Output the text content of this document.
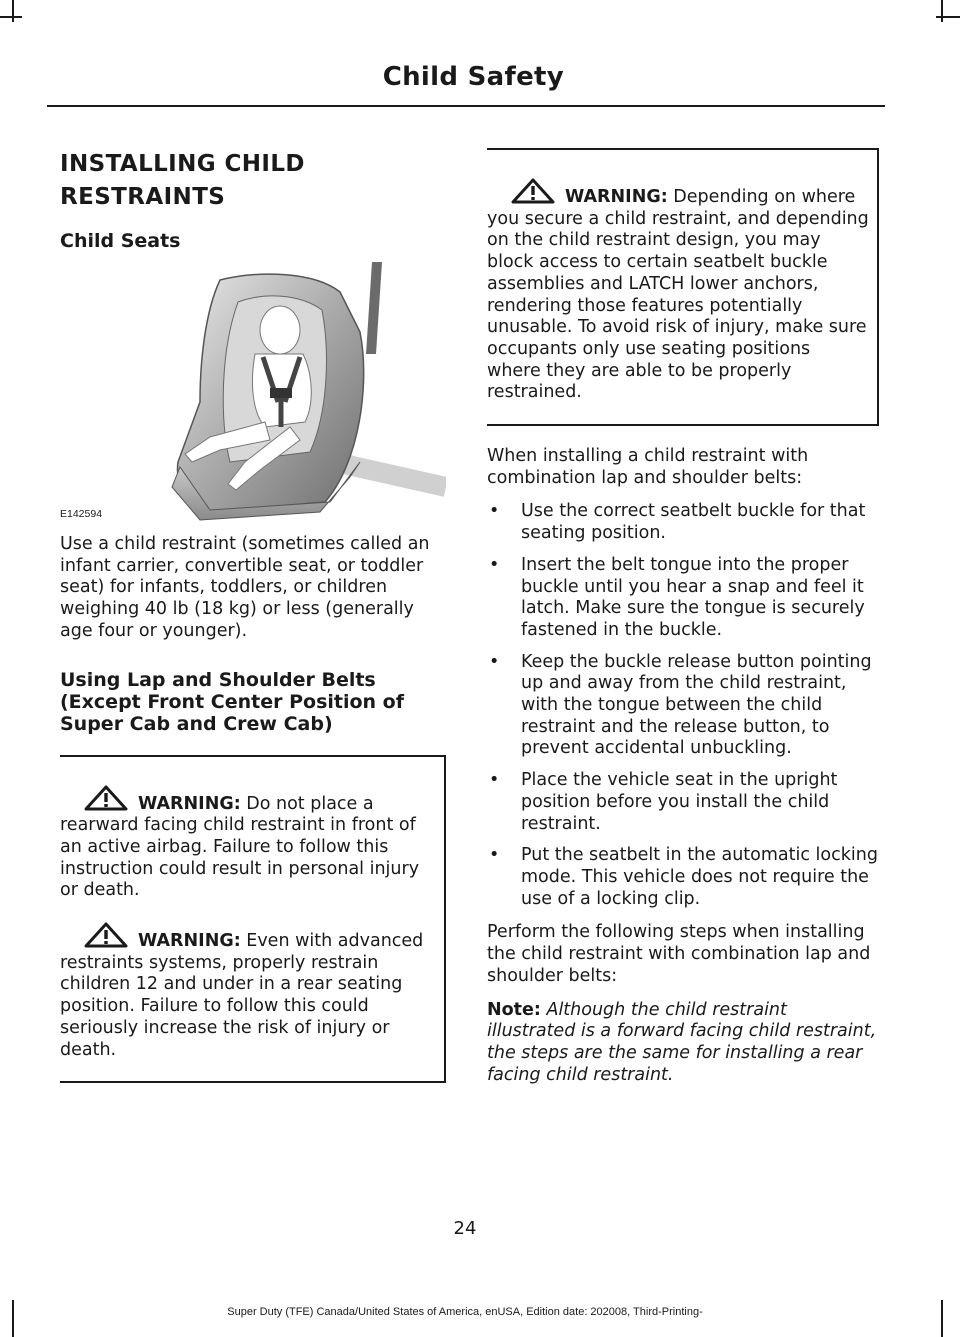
Child Safety
INSTALLING CHILD
RESTRAINTS
Child Seats
E142594

Use a child restraint (sometimes called an infant carrier, convertible seat, or toddler seat) for infants, toddlers, or children weighing 40 lb (18 kg) or less (generally age four or younger).

Using Lap and Shoulder Belts (Except Front Center Position of Super Cab and Crew Cab)

WARNING: Do not place a rearward facing child restraint in front of an active airbag. Failure to follow this instruction could result in personal injury or death.

WARNING: Even with advanced restraints systems, properly restrain children 12 and under in a rear seating position. Failure to follow this could seriously increase the risk of injury or death.

WARNING: Depending on where you secure a child restraint, and depending on the child restraint design, you may block access to certain seatbelt buckle assemblies and LATCH lower anchors, rendering those features potentially unusable. To avoid risk of injury, make sure occupants only use seating positions where they are able to be properly restrained.

When installing a child restraint with combination lap and shoulder belts:

• Use the correct seatbelt buckle for that seating position.
• Insert the belt tongue into the proper buckle until you hear a snap and feel it latch. Make sure the tongue is securely fastened in the buckle.
• Keep the buckle release button pointing up and away from the child restraint, with the tongue between the child restraint and the release button, to prevent accidental unbuckling.
• Place the vehicle seat in the upright position before you install the child restraint.
• Put the seatbelt in the automatic locking mode. This vehicle does not require the use of a locking clip.

Perform the following steps when installing the child restraint with combination lap and shoulder belts:

Note: Although the child restraint illustrated is a forward facing child restraint, the steps are the same for installing a rear facing child restraint.

24
Super Duty (TFE) Canada/United States of America, enUSA, Edition date: 202008, Third-Printing-
